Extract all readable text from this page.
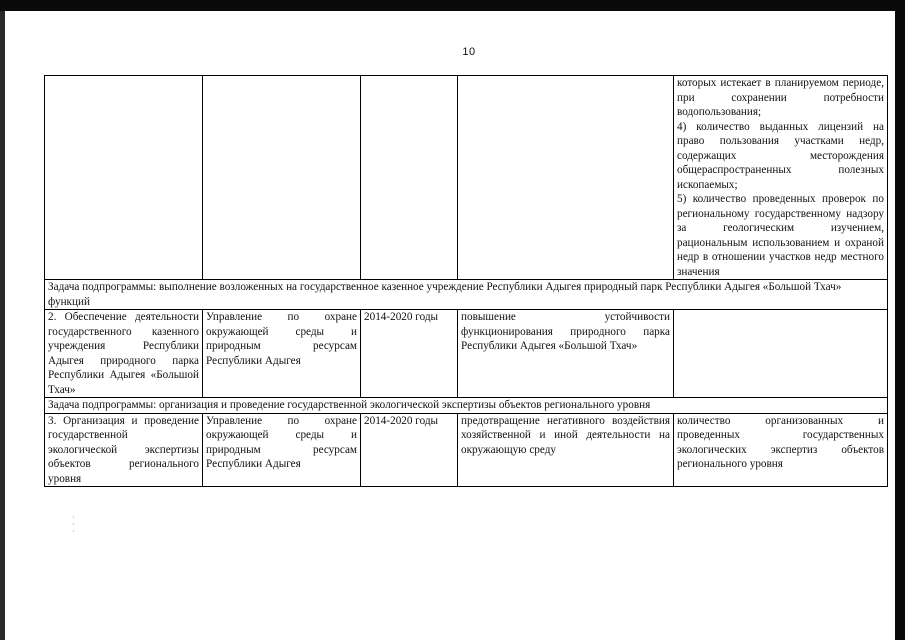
10
				которых истекает в планируемом периоде, при сохранении потребности водопользования;
4) количество выданных лицензий на право пользования участками недр, содержащих месторождения общераспространенных полезных ископаемых;
5) количество проведенных проверок по региональному государственному надзору за геологическим изучением, рациональным использованием и охраной недр в отношении участков недр местного значения
Задача подпрограммы: выполнение возложенных на государственное казенное учреждение Республики Адыгея природный парк Республики Адыгея «Большой Тхач» функций				
2. Обеспечение деятельности государственного казенного учреждения Республики Адыгея природного парка Республики Адыгея «Большой Тхач»	Управление по охране окружающей среды и природным ресурсам Республики Адыгея	2014-2020 годы	повышение устойчивости функционирования природного парка Республики Адыгея «Большой Тхач»	
Задача подпрограммы: организация и проведение государственной экологической экспертизы объектов регионального уровня				
3. Организация и проведение государственной экологической экспертизы объектов регионального уровня	Управление по охране окружающей среды и природным ресурсам Республики Адыгея	2014-2020 годы	предотвращение негативного воздействия хозяйственной и иной деятельности на окружающую среду	количество организованных и проведенных государственных экологических экспертиз объектов регионального уровня
·
·
·
